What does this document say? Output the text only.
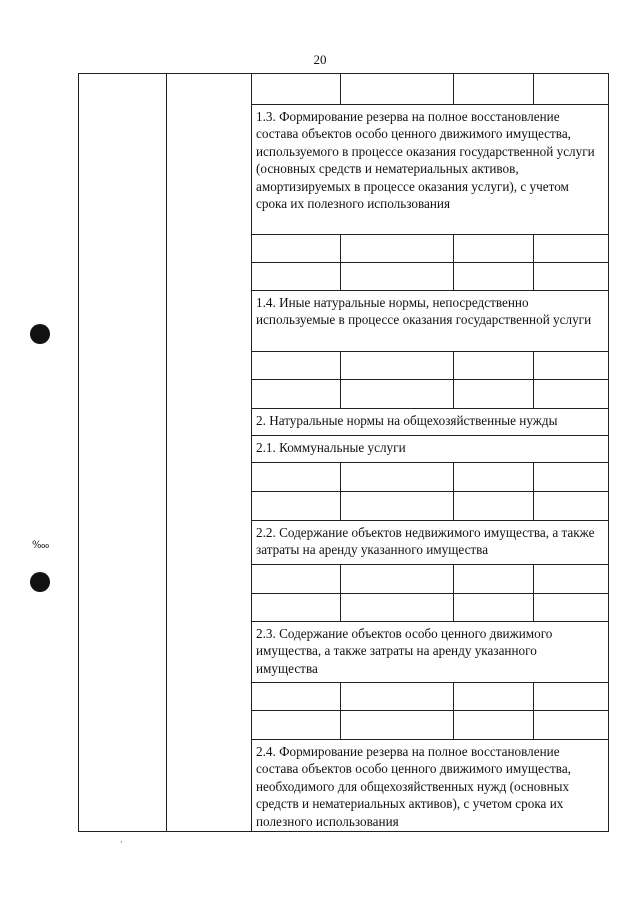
20
‱
1.3. Формирование резерва на полное восстановление состава объектов особо ценного движимого имущества, используемого в процессе оказания государственной услуги (основных средств и нематериальных активов, амортизируемых в процессе оказания услуги), с учетом срока их полезного использования
1.4. Иные натуральные нормы, непосредственно используемые в процессе оказания государственной услуги
2. Натуральные нормы на общехозяйственные нужды
2.1. Коммунальные услуги
2.2. Содержание объектов недвижимого имущества, а также затраты на аренду указанного имущества
2.3. Содержание объектов особо ценного движимого имущества, а также затраты на аренду указанного имущества
2.4. Формирование резерва на полное восстановление состава объектов особо ценного движимого имущества, необходимого для общехозяйственных нужд (основных средств и нематериальных активов), с учетом срока их полезного использования
·
